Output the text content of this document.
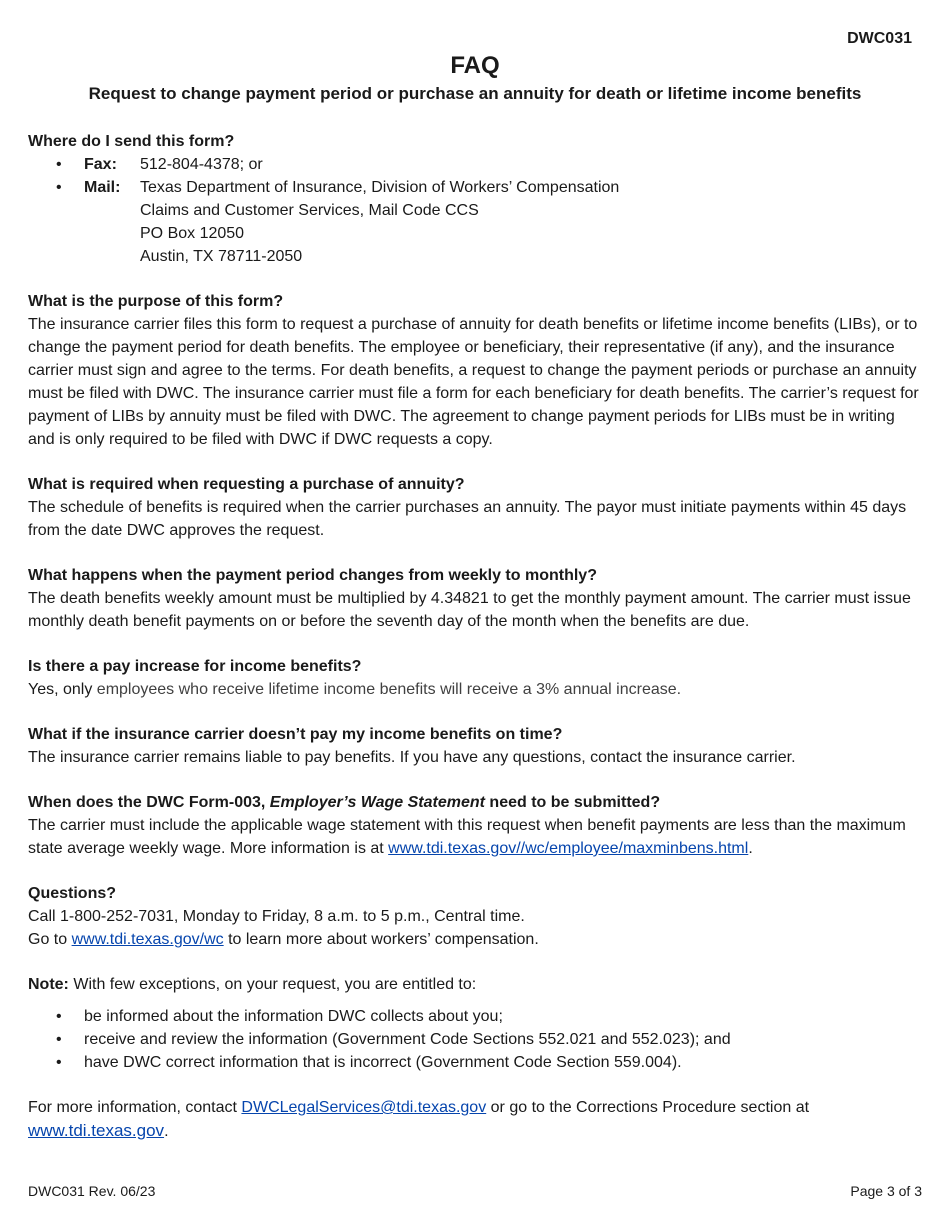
DWC031
FAQ
Request to change payment period or purchase an annuity for death or lifetime income benefits

Where do I send this form?

• Fax:	512-804-4378; or
• Mail:	Texas Department of Insurance, Division of Workers’ Compensation
Claims and Customer Services, Mail Code CCS
PO Box 12050
Austin, TX 78711-2050

What is the purpose of this form?

The insurance carrier files this form to request a purchase of annuity for death benefits or lifetime income benefits (LIBs), or to change the payment period for death benefits. The employee or beneficiary, their representative (if any), and the insurance carrier must sign and agree to the terms. For death benefits, a request to change the payment periods or purchase an annuity must be filed with DWC. The insurance carrier must file a form for each beneficiary for death benefits. The carrier’s request for payment of LIBs by annuity must be filed with DWC. The agreement to change payment periods for LIBs must be in writing and is only required to be filed with DWC if DWC requests a copy.

What is required when requesting a purchase of annuity?

The schedule of benefits is required when the carrier purchases an annuity. The payor must initiate payments within 45 days from the date DWC approves the request.

What happens when the payment period changes from weekly to monthly?

The death benefits weekly amount must be multiplied by 4.34821 to get the monthly payment amount. The carrier must issue monthly death benefit payments on or before the seventh day of the month when the benefits are due.

Is there a pay increase for income benefits?

Yes, only employees who receive lifetime income benefits will receive a 3% annual increase.

What if the insurance carrier doesn’t pay my income benefits on time?

The insurance carrier remains liable to pay benefits. If you have any questions, contact the insurance carrier.

When does the DWC Form-003, Employer’s Wage Statement need to be submitted?

The carrier must include the applicable wage statement with this request when benefit payments are less than the maximum state average weekly wage. More information is at www.tdi.texas.gov//wc/employee/maxminbens.html.

Questions?

Call 1-800-252-7031, Monday to Friday, 8 a.m. to 5 p.m., Central time.

Go to www.tdi.texas.gov/wc to learn more about workers’ compensation.

Note: With few exceptions, on your request, you are entitled to:

• be informed about the information DWC collects about you;
• receive and review the information (Government Code Sections 552.021 and 552.023); and
• have DWC correct information that is incorrect (Government Code Section 559.004).

For more information, contact DWCLegalServices@tdi.texas.gov or go to the Corrections Procedure section at
www.tdi.texas.gov.

DWC031 Rev. 06/23	Page 3 of 3
